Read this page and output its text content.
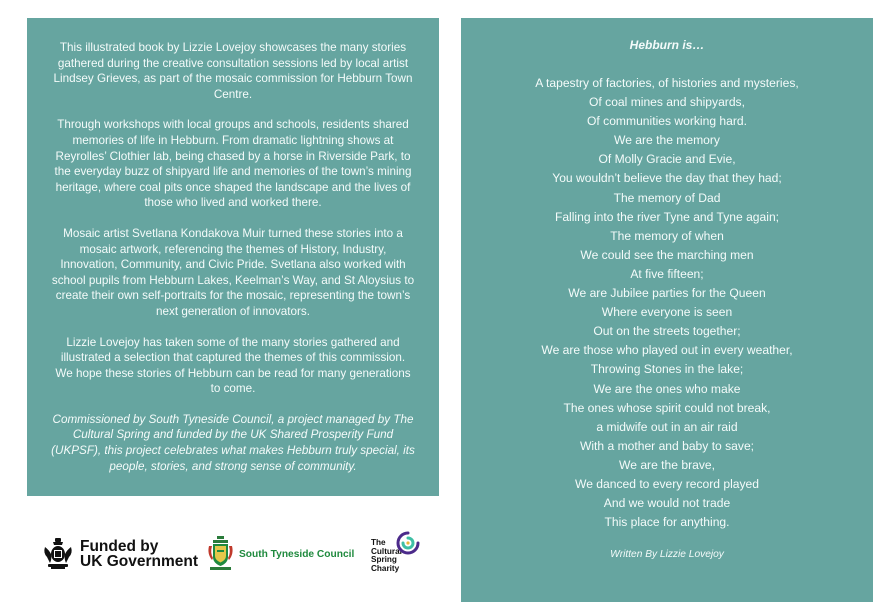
This illustrated book by Lizzie Lovejoy showcases the many stories gathered during the creative consultation sessions led by local artist Lindsey Grieves, as part of the mosaic commission for Hebburn Town Centre.

Through workshops with local groups and schools, residents shared memories of life in Hebburn. From dramatic lightning shows at Reyrolles’ Clothier lab, being chased by a horse in Riverside Park, to the everyday buzz of shipyard life and memories of the town’s mining heritage, where coal pits once shaped the landscape and the lives of those who lived and worked there.

Mosaic artist Svetlana Kondakova Muir turned these stories into a mosaic artwork, referencing the themes of History, Industry, Innovation, Community, and Civic Pride. Svetlana also worked with school pupils from Hebburn Lakes, Keelman’s Way, and St Aloysius to create their own self-portraits for the mosaic, representing the town’s next generation of innovators.

Lizzie Lovejoy has taken some of the many stories gathered and illustrated a selection that captured the themes of this commission. We hope these stories of Hebburn can be read for many generations to come.

Commissioned by South Tyneside Council, a project managed by The Cultural Spring and funded by the UK Shared Prosperity Fund (UKPSF), this project celebrates what makes Hebburn truly special, its people, stories, and strong sense of community.

Hebburn is…
A tapestry of factories, of histories and mysteries,
Of coal mines and shipyards,
Of communities working hard.
We are the memory
Of Molly Gracie and Evie,
You wouldn’t believe the day that they had;
The memory of Dad
Falling into the river Tyne and Tyne again;
The memory of when
We could see the marching men
At five fifteen;
We are Jubilee parties for the Queen
Where everyone is seen
Out on the streets together;
We are those who played out in every weather,
Throwing Stones in the lake;
We are the ones who make
The ones whose spirit could not break,
a midwife out in an air raid
With a mother and baby to save;
We are the brave,
We danced to every record played
And we would not trade
This place for anything.
Written By Lizzie Lovejoy
Funded by
UK Government	South Tyneside Council
The
Cultural
Spring
Charity
